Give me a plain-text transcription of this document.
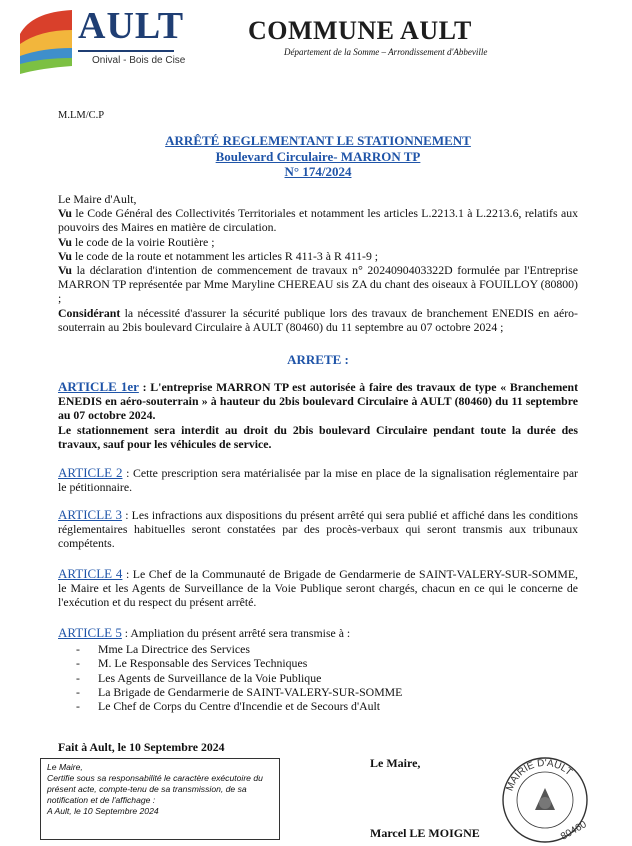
AULT
Onival - Bois de Cise
COMMUNE AULT
Département de la Somme – Arrondissement d'Abbeville
M.LM/C.P
ARRÊTÉ REGLEMENTANT LE STATIONNEMENT
Boulevard Circulaire- MARRON TP
N° 174/2024
Le Maire d'Ault,
Vu le Code Général des Collectivités Territoriales et notamment les articles L.2213.1 à L.2213.6, relatifs aux pouvoirs des Maires en matière de circulation.
Vu le code de la voirie Routière ;
Vu le code de la route et notamment les articles R 411-3 à R 411-9 ;
Vu la déclaration d'intention de commencement de travaux n° 2024090403322D formulée par l'Entreprise MARRON TP représentée par Mme Maryline CHEREAU sis ZA du chant des oiseaux à FOUILLOY (80800) ;
Considérant la nécessité d'assurer la sécurité publique lors des travaux de branchement ENEDIS en aéro-souterrain au 2bis boulevard Circulaire à AULT (80460) du 11 septembre au 07 octobre 2024 ;
ARRETE :
ARTICLE 1er : L'entreprise MARRON TP est autorisée à faire des travaux de type « Branchement ENEDIS en aéro-souterrain » à hauteur du 2bis boulevard Circulaire à AULT (80460) du 11 septembre au 07 octobre 2024.
Le stationnement sera interdit au droit du 2bis boulevard Circulaire pendant toute la durée des travaux, sauf pour les véhicules de service.
ARTICLE 2 : Cette prescription sera matérialisée par la mise en place de la signalisation réglementaire par le pétitionnaire.
ARTICLE 3 : Les infractions aux dispositions du présent arrêté qui sera publié et affiché dans les conditions réglementaires habituelles seront constatées par des procès-verbaux qui seront transmis aux tribunaux compétents.
ARTICLE 4 : Le Chef de la Communauté de Brigade de Gendarmerie de SAINT-VALERY-SUR-SOMME, le Maire et les Agents de Surveillance de la Voie Publique seront chargés, chacun en ce qui le concerne de l'exécution et du respect du présent arrêté.
ARTICLE 5 : Ampliation du présent arrêté sera transmise à :
- Mme La Directrice des Services
- M. Le Responsable des Services Techniques
- Les Agents de Surveillance de la Voie Publique
- La Brigade de Gendarmerie de SAINT-VALERY-SUR-SOMME
- Le Chef de Corps du Centre d'Incendie et de Secours d'Ault
Fait à Ault, le 10 Septembre 2024
Le Maire,
Certifie sous sa responsabilité le caractère exécutoire du présent acte, compte-tenu de sa transmission, de sa notification et de l'affichage :
A Ault, le 10 Septembre 2024
Le Maire,
Marcel LE MOIGNE
MAIRIE D'AULT
80460
